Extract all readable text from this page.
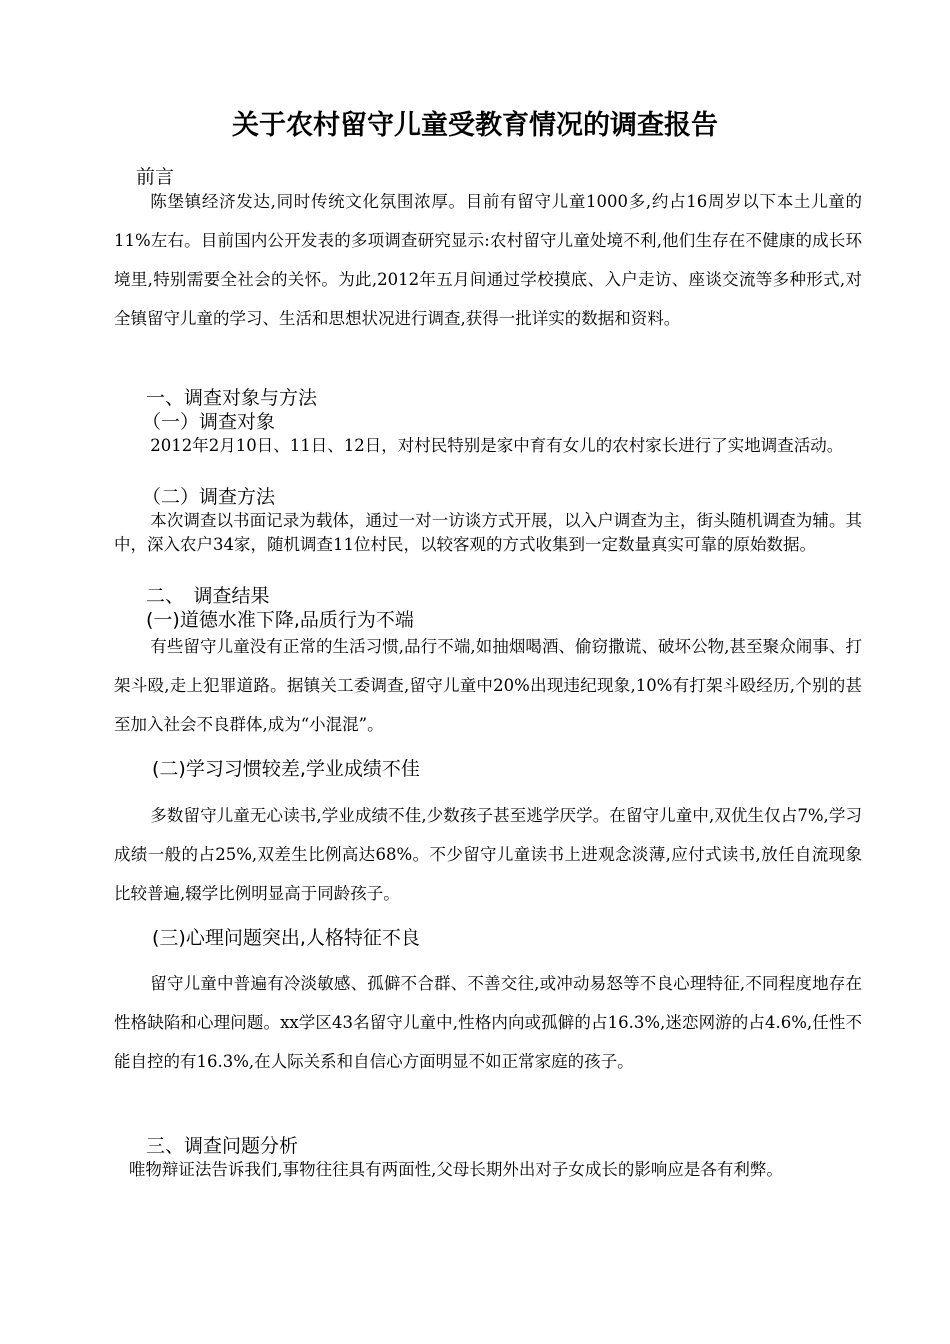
关于农村留守儿童受教育情况的调查报告
前言

陈堡镇经济发达,同时传统文化氛围浓厚。目前有留守儿童1000多,约占16周岁以下本土儿童的11%左右。目前国内公开发表的多项调查研究显示:农村留守儿童处境不利,他们生存在不健康的成长环境里,特别需要全社会的关怀。为此,2012年五月间通过学校摸底、入户走访、座谈交流等多种形式,对全镇留守儿童的学习、生活和思想状况进行调查,获得一批详实的数据和资料。

一、调查对象与方法
（一）调查对象

2012年2月10日、11日、12日，对村民特别是家中育有女儿的农村家长进行了实地调查活动。

（二）调查方法

本次调查以书面记录为载体，通过一对一访谈方式开展，以入户调查为主，街头随机调查为辅。其中，深入农户34家，随机调查11位村民，以较客观的方式收集到一定数量真实可靠的原始数据。

二、　调查结果
(一)道德水准下降,品质行为不端

有些留守儿童没有正常的生活习惯,品行不端,如抽烟喝酒、偷窃撒谎、破坏公物,甚至聚众闹事、打架斗殴,走上犯罪道路。据镇关工委调查,留守儿童中20%出现违纪现象,10%有打架斗殴经历,个别的甚至加入社会不良群体,成为“小混混”。

(二)学习习惯较差,学业成绩不佳

多数留守儿童无心读书,学业成绩不佳,少数孩子甚至逃学厌学。在留守儿童中,双优生仅占7%,学习成绩一般的占25%,双差生比例高达68%。不少留守儿童读书上进观念淡薄,应付式读书,放任自流现象比较普遍,辍学比例明显高于同龄孩子。

(三)心理问题突出,人格特征不良

留守儿童中普遍有冷淡敏感、孤僻不合群、不善交往,或冲动易怒等不良心理特征,不同程度地存在性格缺陷和心理问题。xx学区43名留守儿童中,性格内向或孤僻的占16.3%,迷恋网游的占4.6%,任性不能自控的有16.3%,在人际关系和自信心方面明显不如正常家庭的孩子。

三、调查问题分析

唯物辩证法告诉我们,事物往往具有两面性,父母长期外出对子女成长的影响应是各有利弊。
